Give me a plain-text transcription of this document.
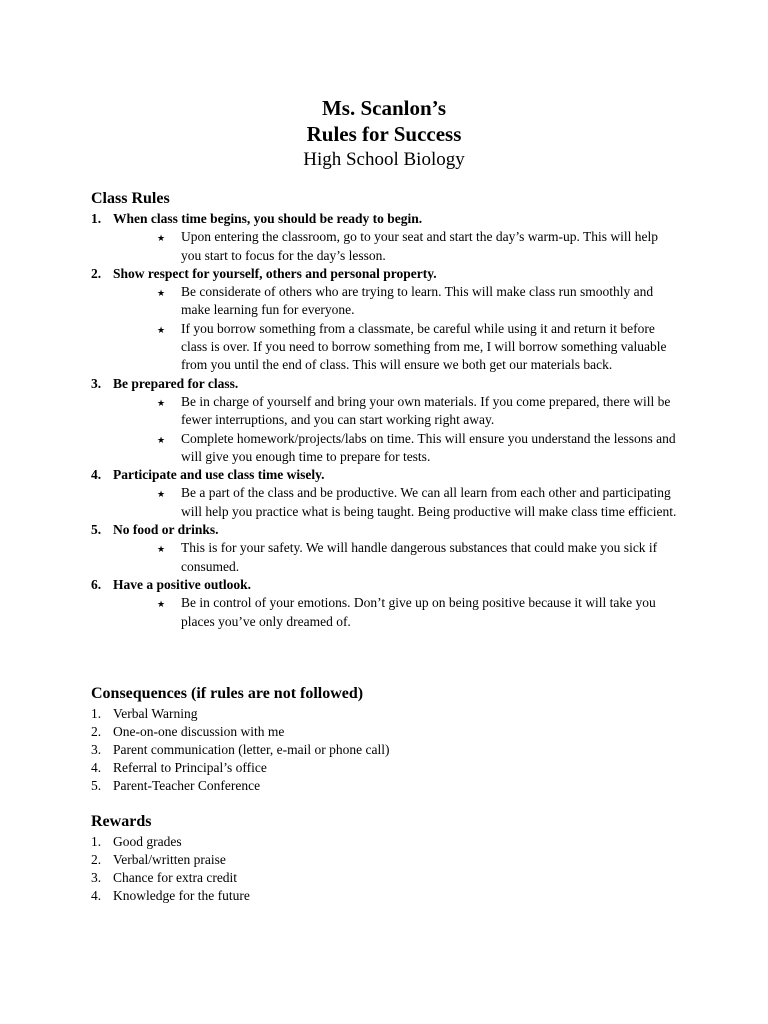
Ms. Scanlon’s

Rules for Success

High School Biology

Class Rules

1. When class time begins, you should be ready to begin.
★ Upon entering the classroom, go to your seat and start the day’s warm-up. This will help you start to focus for the day’s lesson.
2. Show respect for yourself, others and personal property.
★ Be considerate of others who are trying to learn. This will make class run smoothly and make learning fun for everyone.
★ If you borrow something from a classmate, be careful while using it and return it before class is over. If you need to borrow something from me, I will borrow something valuable from you until the end of class. This will ensure we both get our materials back.
3. Be prepared for class.
★ Be in charge of yourself and bring your own materials. If you come prepared, there will be fewer interruptions, and you can start working right away.
★ Complete homework/projects/labs on time. This will ensure you understand the lessons and will give you enough time to prepare for tests.
4. Participate and use class time wisely.
★ Be a part of the class and be productive. We can all learn from each other and participating will help you practice what is being taught. Being productive will make class time efficient.
5. No food or drinks.
★ This is for your safety. We will handle dangerous substances that could make you sick if consumed.
6. Have a positive outlook.
★ Be in control of your emotions. Don’t give up on being positive because it will take you places you’ve only dreamed of.

Consequences (if rules are not followed)

1. Verbal Warning
2. One-on-one discussion with me
3. Parent communication (letter, e-mail or phone call)
4. Referral to Principal’s office
5. Parent-Teacher Conference

Rewards

1. Good grades
2. Verbal/written praise
3. Chance for extra credit
4. Knowledge for the future
